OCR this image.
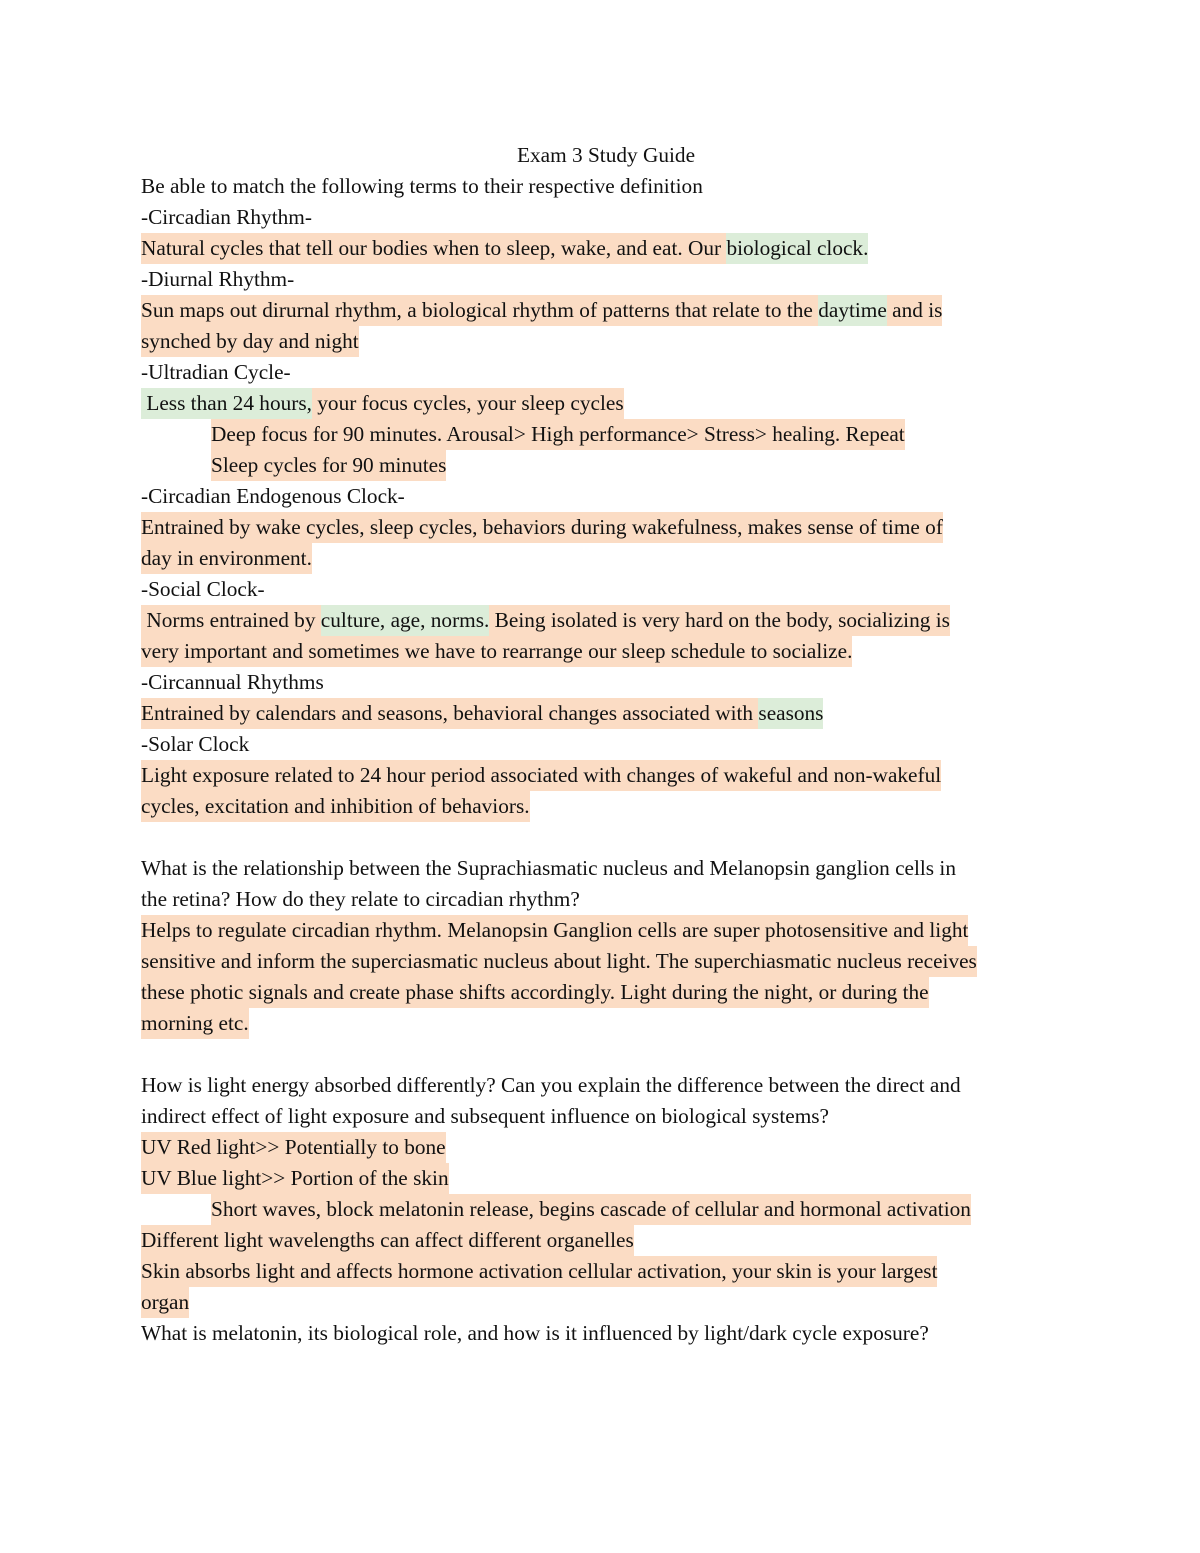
Exam 3 Study Guide
Be able to match the following terms to their respective definition
-Circadian Rhythm-
Natural cycles that tell our bodies when to sleep, wake, and eat. Our biological clock.
-Diurnal Rhythm-
Sun maps out dirurnal rhythm, a biological rhythm of patterns that relate to the daytime and is
synched by day and night
-Ultradian Cycle-
Less than 24 hours, your focus cycles, your sleep cycles
Deep focus for 90 minutes. Arousal> High performance> Stress> healing. Repeat
Sleep cycles for 90 minutes
-Circadian Endogenous Clock-
Entrained by wake cycles, sleep cycles, behaviors during wakefulness, makes sense of time of
day in environment.
-Social Clock-
Norms entrained by culture, age, norms. Being isolated is very hard on the body, socializing is
very important and sometimes we have to rearrange our sleep schedule to socialize.
-Circannual Rhythms
Entrained by calendars and seasons, behavioral changes associated with seasons
-Solar Clock
Light exposure related to 24 hour period associated with changes of wakeful and non-wakeful
cycles, excitation and inhibition of behaviors.
What is the relationship between the Suprachiasmatic nucleus and Melanopsin ganglion cells in
the retina? How do they relate to circadian rhythm?
Helps to regulate circadian rhythm. Melanopsin Ganglion cells are super photosensitive and light
sensitive and inform the superciasmatic nucleus about light. The superchiasmatic nucleus receives
these photic signals and create phase shifts accordingly. Light during the night, or during the
morning etc.
How is light energy absorbed differently? Can you explain the difference between the direct and
indirect effect of light exposure and subsequent influence on biological systems?
UV Red light>> Potentially to bone
UV Blue light>> Portion of the skin
Short waves, block melatonin release, begins cascade of cellular and hormonal activation
Different light wavelengths can affect different organelles
Skin absorbs light and affects hormone activation cellular activation, your skin is your largest
organ
What is melatonin, its biological role, and how is it influenced by light/dark cycle exposure?
